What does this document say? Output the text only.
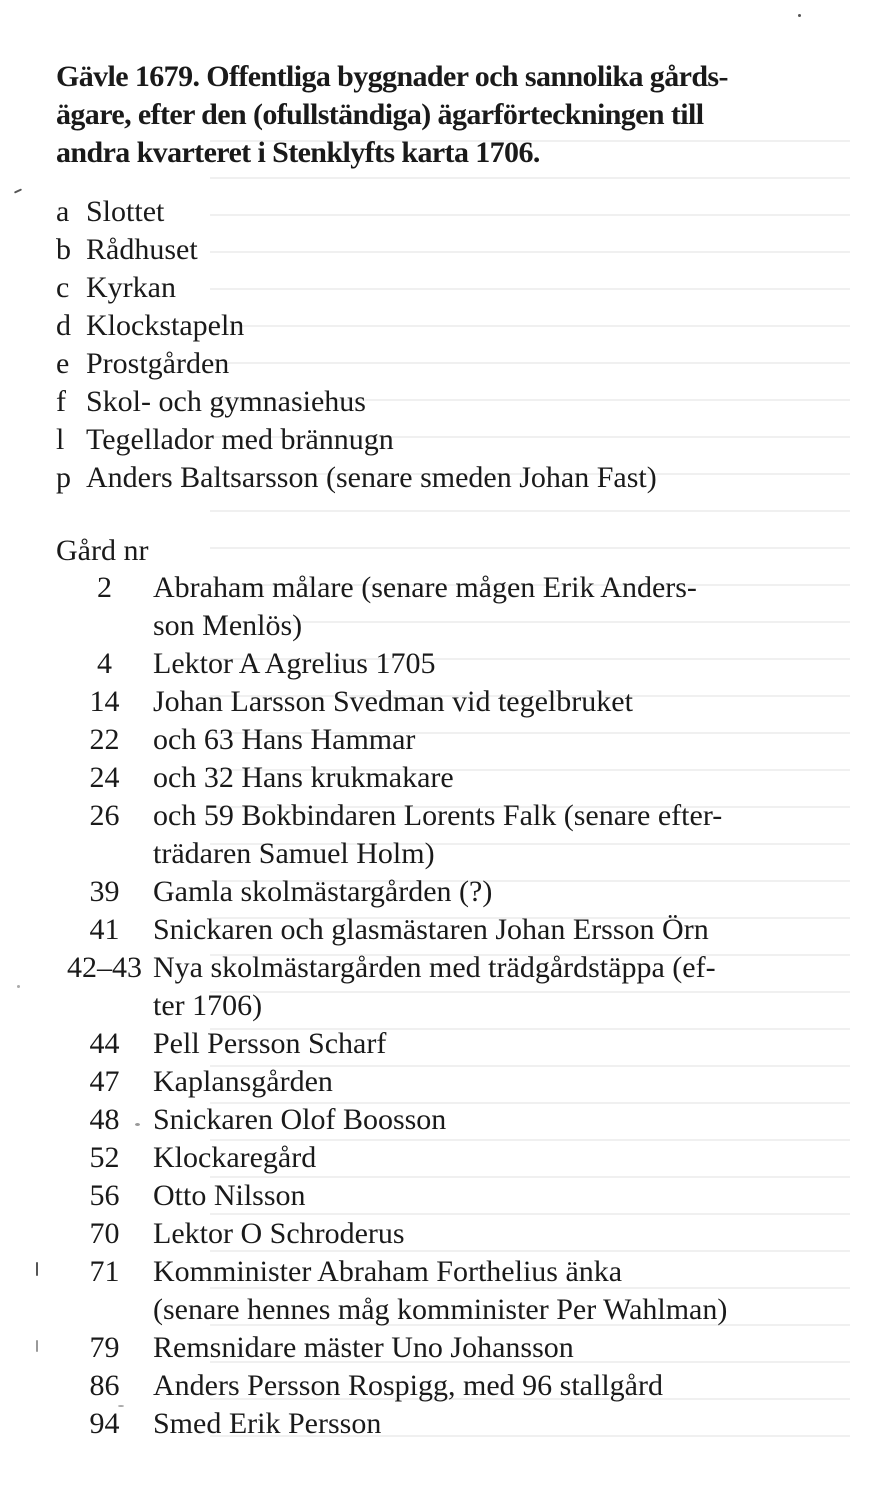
Gävle 1679. Offentliga byggnader och sannolika gårds-
ägare, efter den (ofullständiga) ägarförteckningen till
andra kvarteret i Stenklyfts karta 1706.
a Slottet
b Rådhuset
c Kyrkan
d Klockstapeln
e Prostgården
f Skol- och gymnasiehus
l Tegellador med brännugn
p Anders Baltsarsson (senare smeden Johan Fast)
Gård nr
2	Abraham målare (senare mågen Erik Anders-
son Menlös)
4	Lektor A Agrelius 1705
14	Johan Larsson Svedman vid tegelbruket
22	och 63 Hans Hammar
24	och 32 Hans krukmakare
26	och 59 Bokbindaren Lorents Falk (senare efter-
trädaren Samuel Holm)
39	Gamla skolmästargården (?)
41	Snickaren och glasmästaren Johan Ersson Örn
42–43 Nya skolmästargården med trädgårdstäppa (ef-
ter 1706)
44	Pell Persson Scharf
47	Kaplansgården
48	Snickaren Olof Boosson
52	Klockaregård
56	Otto Nilsson
70	Lektor O Schroderus
71	Komminister Abraham Forthelius änka
(senare hennes måg komminister Per Wahlman)
79	Remsnidare mäster Uno Johansson
86	Anders Persson Rospigg, med 96 stallgård
94	Smed Erik Persson
